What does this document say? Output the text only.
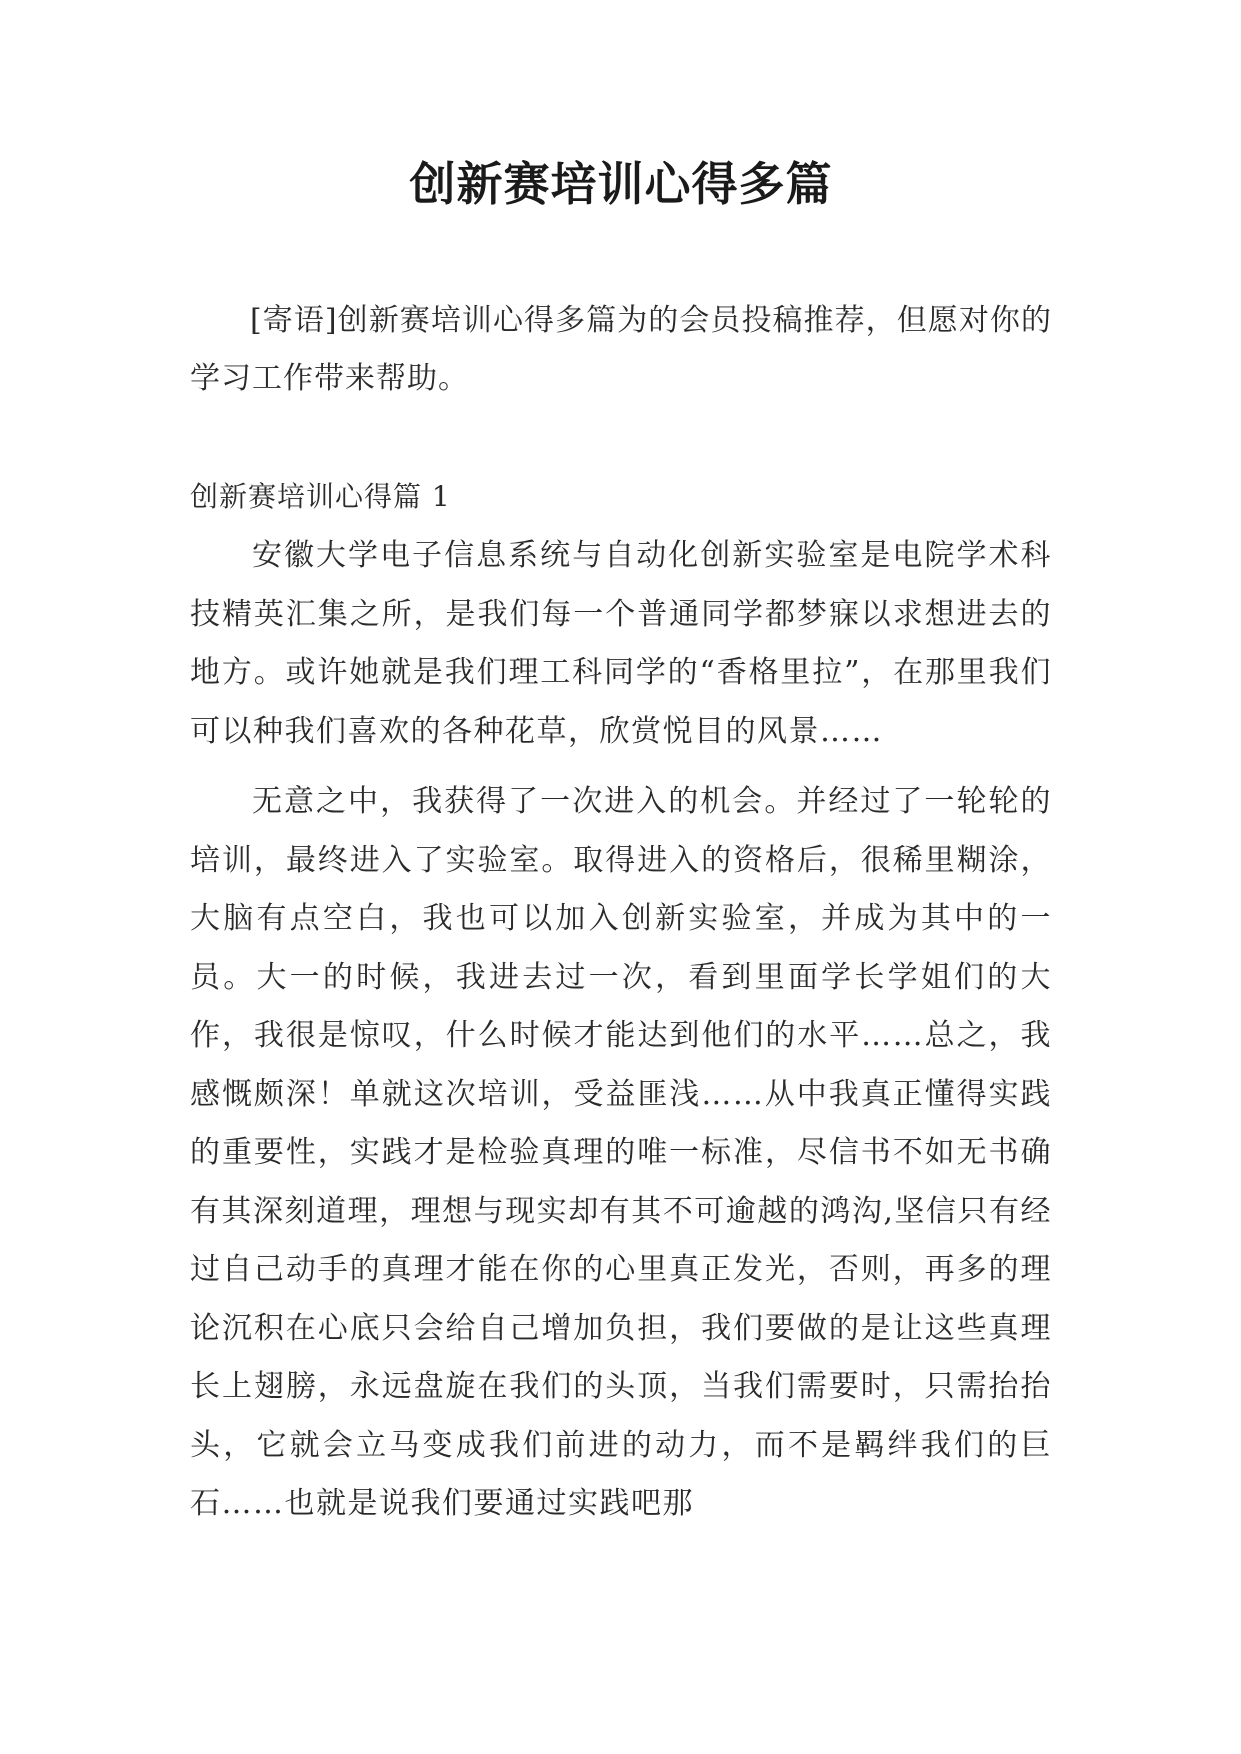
创新赛培训心得多篇

[寄语]创新赛培训心得多篇为的会员投稿推荐，但愿对你的学习工作带来帮助。

创新赛培训心得篇 1

安徽大学电子信息系统与自动化创新实验室是电院学术科技精英汇集之所，是我们每一个普通同学都梦寐以求想进去的地方。或许她就是我们理工科同学的“香格里拉”，在那里我们可以种我们喜欢的各种花草，欣赏悦目的风景……

无意之中，我获得了一次进入的机会。并经过了一轮轮的培训，最终进入了实验室。取得进入的资格后，很稀里糊涂，大脑有点空白，我也可以加入创新实验室，并成为其中的一员。大一的时候，我进去过一次，看到里面学长学姐们的大作，我很是惊叹，什么时候才能达到他们的水平……总之，我感慨颇深！单就这次培训，受益匪浅……从中我真正懂得实践的重要性，实践才是检验真理的唯一标准，尽信书不如无书确有其深刻道理，理想与现实却有其不可逾越的鸿沟,坚信只有经过自己动手的真理才能在你的心里真正发光，否则，再多的理论沉积在心底只会给自己增加负担，我们要做的是让这些真理长上翅膀，永远盘旋在我们的头顶，当我们需要时，只需抬抬头，它就会立马变成我们前进的动力，而不是羁绊我们的巨石……也就是说我们要通过实践吧那
